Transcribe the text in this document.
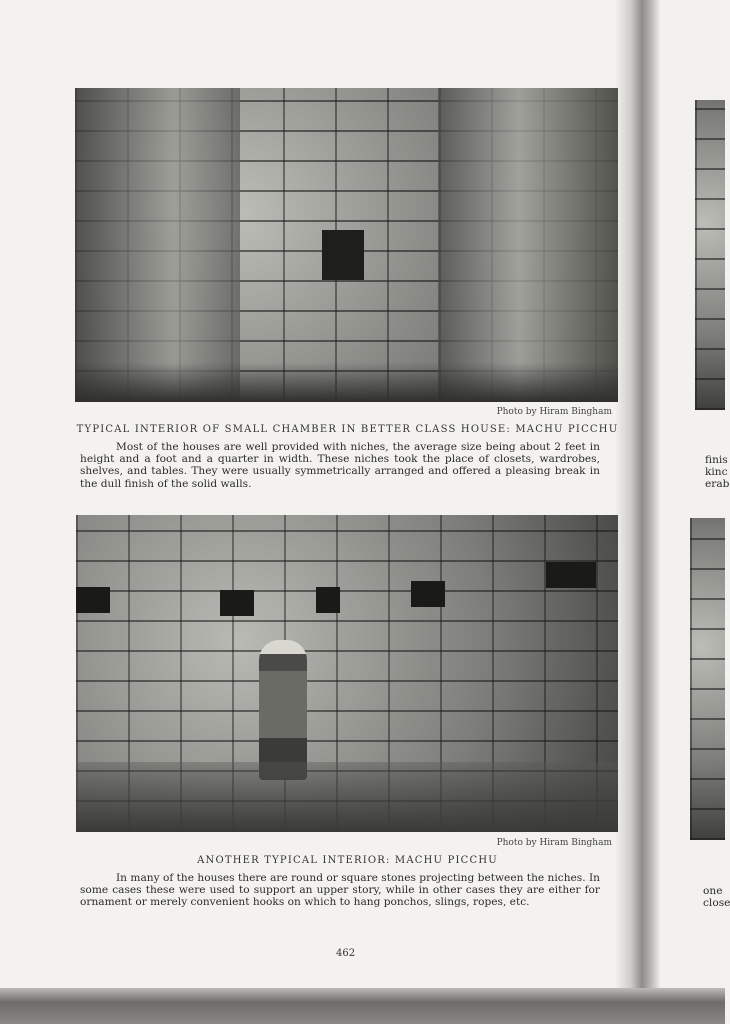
Photo by Hiram Bingham
TYPICAL INTERIOR OF SMALL CHAMBER IN BETTER CLASS HOUSE: MACHU PICCHU
Most of the houses are well provided with niches, the average size being about 2 feet in height and a foot and a quarter in width. These niches took the place of closets, wardrobes, shelves, and tables. They were usually symmetrically arranged and offered a pleasing break in the dull finish of the solid walls.
Photo by Hiram Bingham
ANOTHER TYPICAL INTERIOR: MACHU PICCHU
In many of the houses there are round or square stones projecting between the niches. In some cases these were used to support an upper story, while in other cases they are either for ornament or merely convenient hooks on which to hang ponchos, slings, ropes, etc.
462
finis
kinc
erab
one
close
